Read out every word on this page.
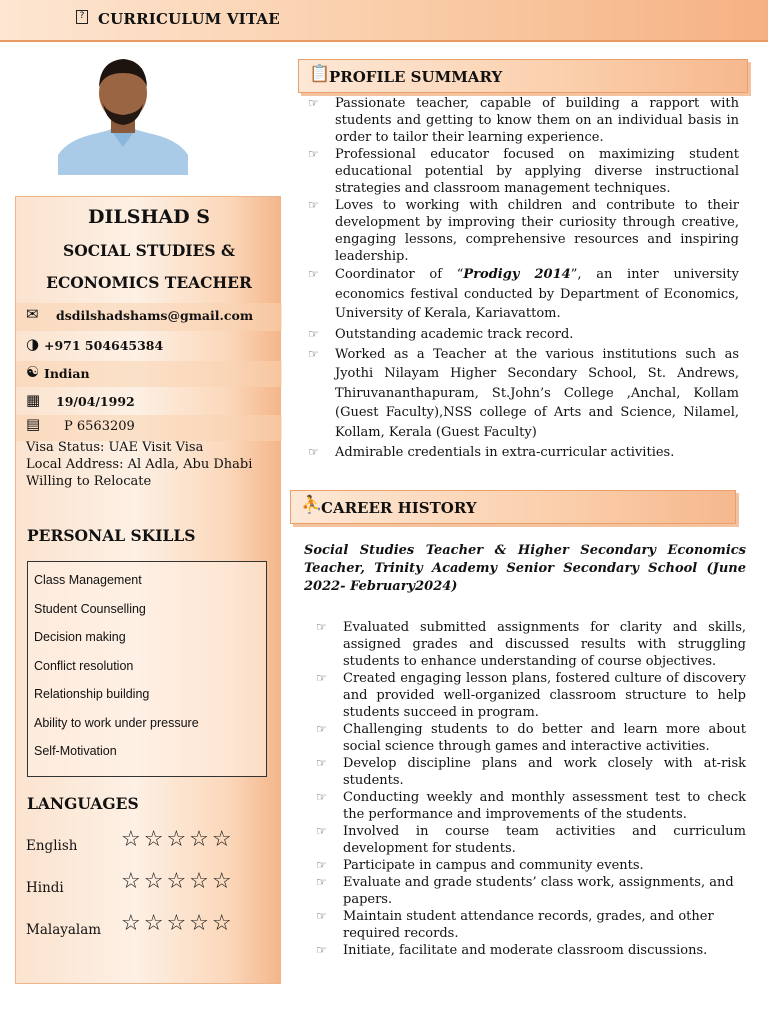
? CURRICULUM VITAE
DILSHAD S
SOCIAL STUDIES &
ECONOMICS TEACHER
✉ dsdilshadshams@gmail.com
◑ +971 504645384
☯ Indian
▦ 19/04/1992
▤ P 6563209
Visa Status: UAE Visit Visa
Local Address: Al Adla, Abu Dhabi
Willing to Relocate
PERSONAL SKILLS
Class Management
Student Counselling
Decision making
Conflict resolution
Relationship building
Ability to work under pressure
Self-Motivation
LANGUAGES
English ☆☆☆☆☆
Hindi	☆☆☆☆☆
Malayalam ☆☆☆☆☆
📋
PROFILE SUMMARY
☞ Passionate teacher, capable of building a rapport with students and getting to know them on an individual basis in order to tailor their learning experience.
☞ Professional educator focused on maximizing student educational potential by applying diverse instructional strategies and classroom management techniques.
☞ Loves to working with children and contribute to their development by improving their curiosity through creative, engaging lessons, comprehensive resources and inspiring leadership.
☞ Coordinator of “Prodigy 2014”, an inter university economics festival conducted by Department of Economics, University of Kerala, Kariavattom.
☞ Outstanding academic track record.
☞ Worked as a Teacher at the various institutions such as Jyothi Nilayam Higher Secondary School, St. Andrews, Thiruvananthapuram, St.John’s College ,Anchal, Kollam (Guest Faculty),NSS college of Arts and Science, Nilamel, Kollam, Kerala (Guest Faculty)
☞ Admirable credentials in extra-curricular activities.
⛹
CAREER HISTORY
Social Studies Teacher & Higher Secondary Economics Teacher, Trinity Academy Senior Secondary School (June 2022- February2024)
☞ Evaluated submitted assignments for clarity and skills, assigned grades and discussed results with struggling students to enhance understanding of course objectives.
☞ Created engaging lesson plans, fostered culture of discovery and provided well-organized classroom structure to help students succeed in program.
☞ Challenging students to do better and learn more about social science through games and interactive activities.
☞ Develop discipline plans and work closely with at-risk students.
☞ Conducting weekly and monthly assessment test to check the performance and improvements of the students.
☞ Involved in course team activities and curriculum development for students.
☞ Participate in campus and community events.
☞ Evaluate and grade students’ class work, assignments, and papers.
☞ Maintain student attendance records, grades, and other required records.
☞ Initiate, facilitate and moderate classroom discussions.
